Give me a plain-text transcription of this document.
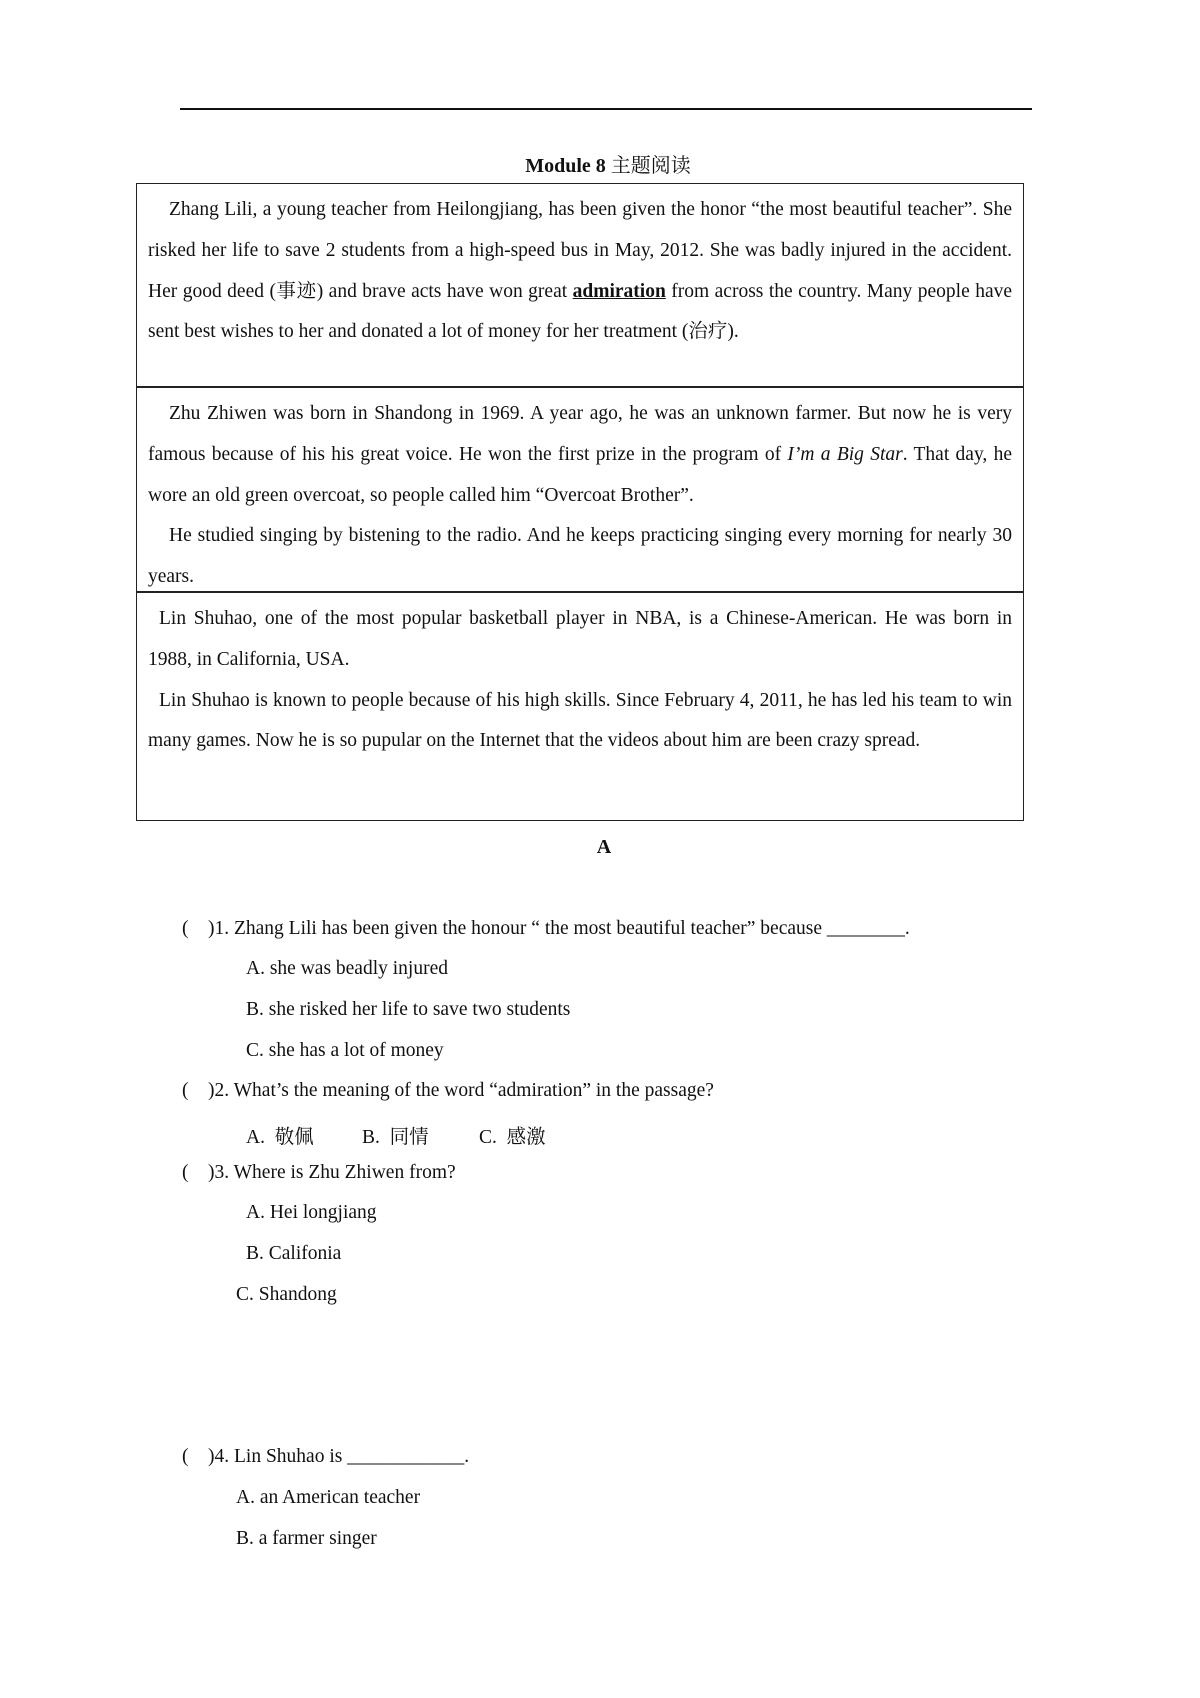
Module 8 主题阅读
Zhang Lili, a young teacher from Heilongjiang, has been given the honor “the most beautiful teacher”. She risked her life to save 2 students from a high-speed bus in May, 2012. She was badly injured in the accident. Her good deed (事迹) and brave acts have won great admiration from across the country. Many people have sent best wishes to her and donated a lot of money for her treatment (治疗).
Zhu Zhiwen was born in Shandong in 1969. A year ago, he was an unknown farmer. But now he is very famous because of his his great voice. He won the first prize in the program of I’m a Big Star. That day, he wore an old green overcoat, so people called him “Overcoat Brother”.
He studied singing by bistening to the radio. And he keeps practicing singing every morning for nearly 30 years.
Lin Shuhao, one of the most popular basketball player in NBA, is a Chinese-American. He was born in 1988, in California, USA.
Lin Shuhao is known to people because of his high skills. Since February 4, 2011, he has led his team to win many games. Now he is so pupular on the Internet that the videos about him are been crazy spread.
A
(    )1. Zhang Lili has been given the honour “ the most beautiful teacher” because ________.
A. she was beadly injured
B. she risked her life to save two students
C. she has a lot of money
(    )2. What’s the meaning of the word “admiration” in the passage?
A.  敬佩 B.  同情	C.  感激
(    )3. Where is Zhu Zhiwen from?
A. Hei longjiang
B. Califonia
C. Shandong
(    )4. Lin Shuhao is ____________.
A. an American teacher
B. a farmer singer
